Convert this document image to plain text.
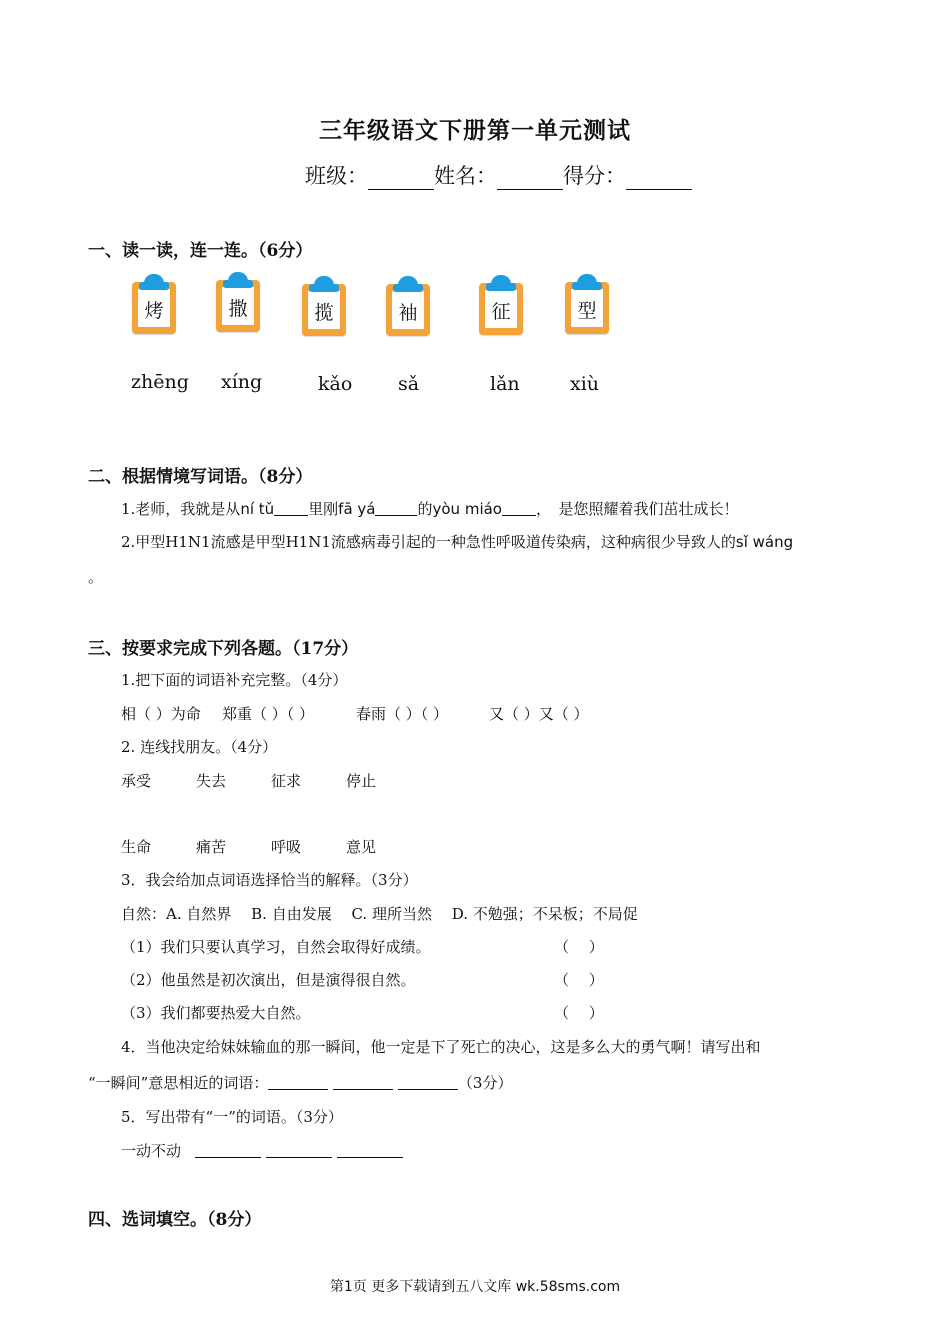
三年级语文下册第一单元测试
班级：	姓名：	得分：
一、读一读，连一连。（6分）
烤	撒	揽	袖	征	型
zhēng xíng	kǎo sǎ	lǎn	xiù
二、根据情境写词语。（8分）
1.老师，我就是从ní tǔ 里刚fā yá	的yòu miáo ，　是您照耀着我们茁壮成长！
2.甲型H1N1流感是甲型H1N1流感病毒引起的一种急性呼吸道传染病，这种病很少导致人的sǐ wáng
。
三、按要求完成下列各题。（17分）
1.把下面的词语补充完整。（4分）
相（ ）为命 郑重（ ）（ ）	春雨（ ）（ ）	又（ ）又（ ）
2. 连线找朋友。（4分）
承受	失去	征求	停止
生命	痛苦	呼吸	意见
3．我会给加点词语选择恰当的解释。（3分）
自然：A. 自然界　 B. 自由发展　 C. 理所当然　 D. 不勉强；不呆板；不局促
（1）我们只要认真学习，自然会取得好成绩。	（　 ）
（2）他虽然是初次演出，但是演得很自然。	（　 ）
（3）我们都要热爱大自然。	（　 ）
4．当他决定给妹妹输血的那一瞬间，他一定是下了死亡的决心，这是多么大的勇气啊！请写出和
“一瞬间”意思相近的词语：	（3分）
5．写出带有“一”的词语。（3分）
一动不动
四、选词填空。（8分）
第1页 更多下载请到五八文库 wk.58sms.com
